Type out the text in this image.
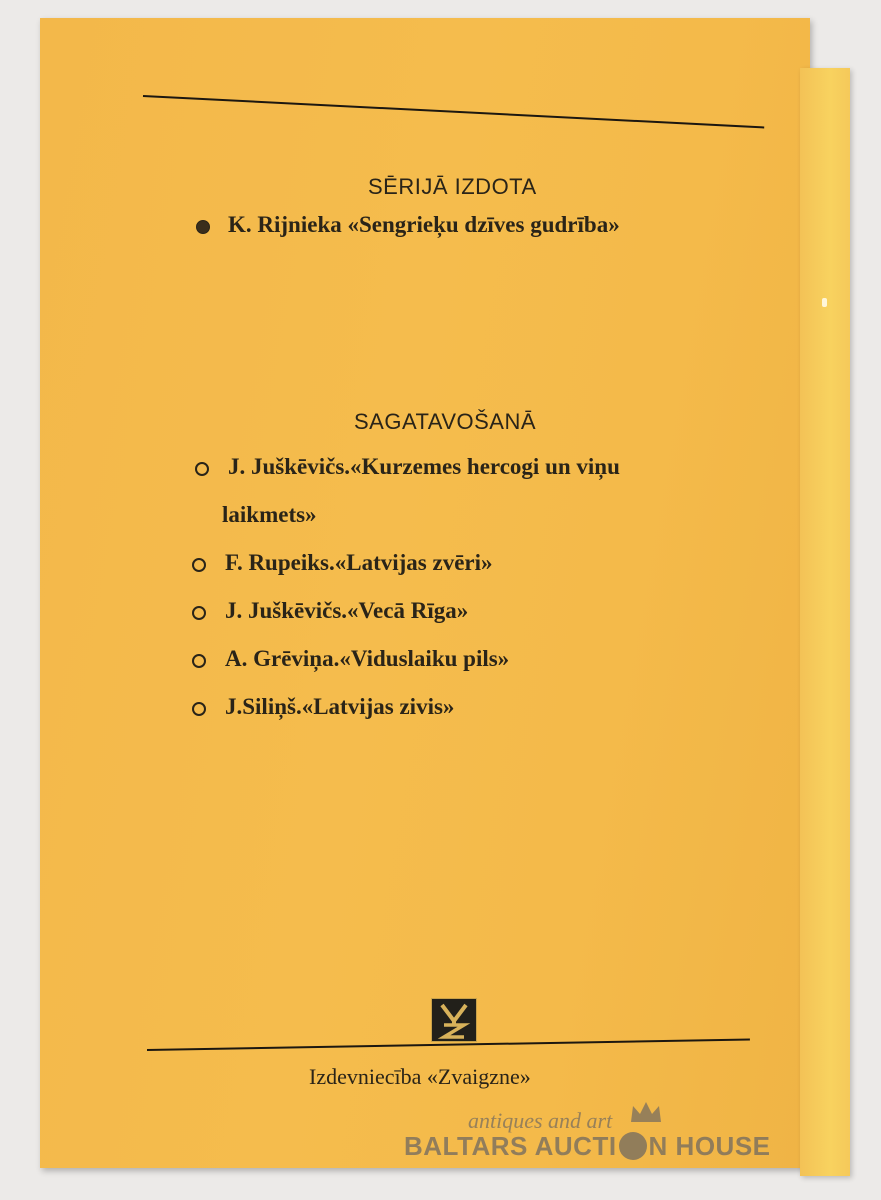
SĒRIJĀ IZDOTA
K. Rijnieka «Sengrieķu dzīves gudrība»
SAGATAVOŠANĀ
J. Juškēvičs.«Kurzemes hercogi un viņu
laikmets»
F. Rupeiks.«Latvijas zvēri»
J. Juškēvičs.«Vecā Rīga»
A. Grēviņa.«Viduslaiku pils»
J.Siliņš.«Latvijas zivis»
Izdevniecība «Zvaigzne»
antiques and art
BALTARS AUCTI N HOUSE
